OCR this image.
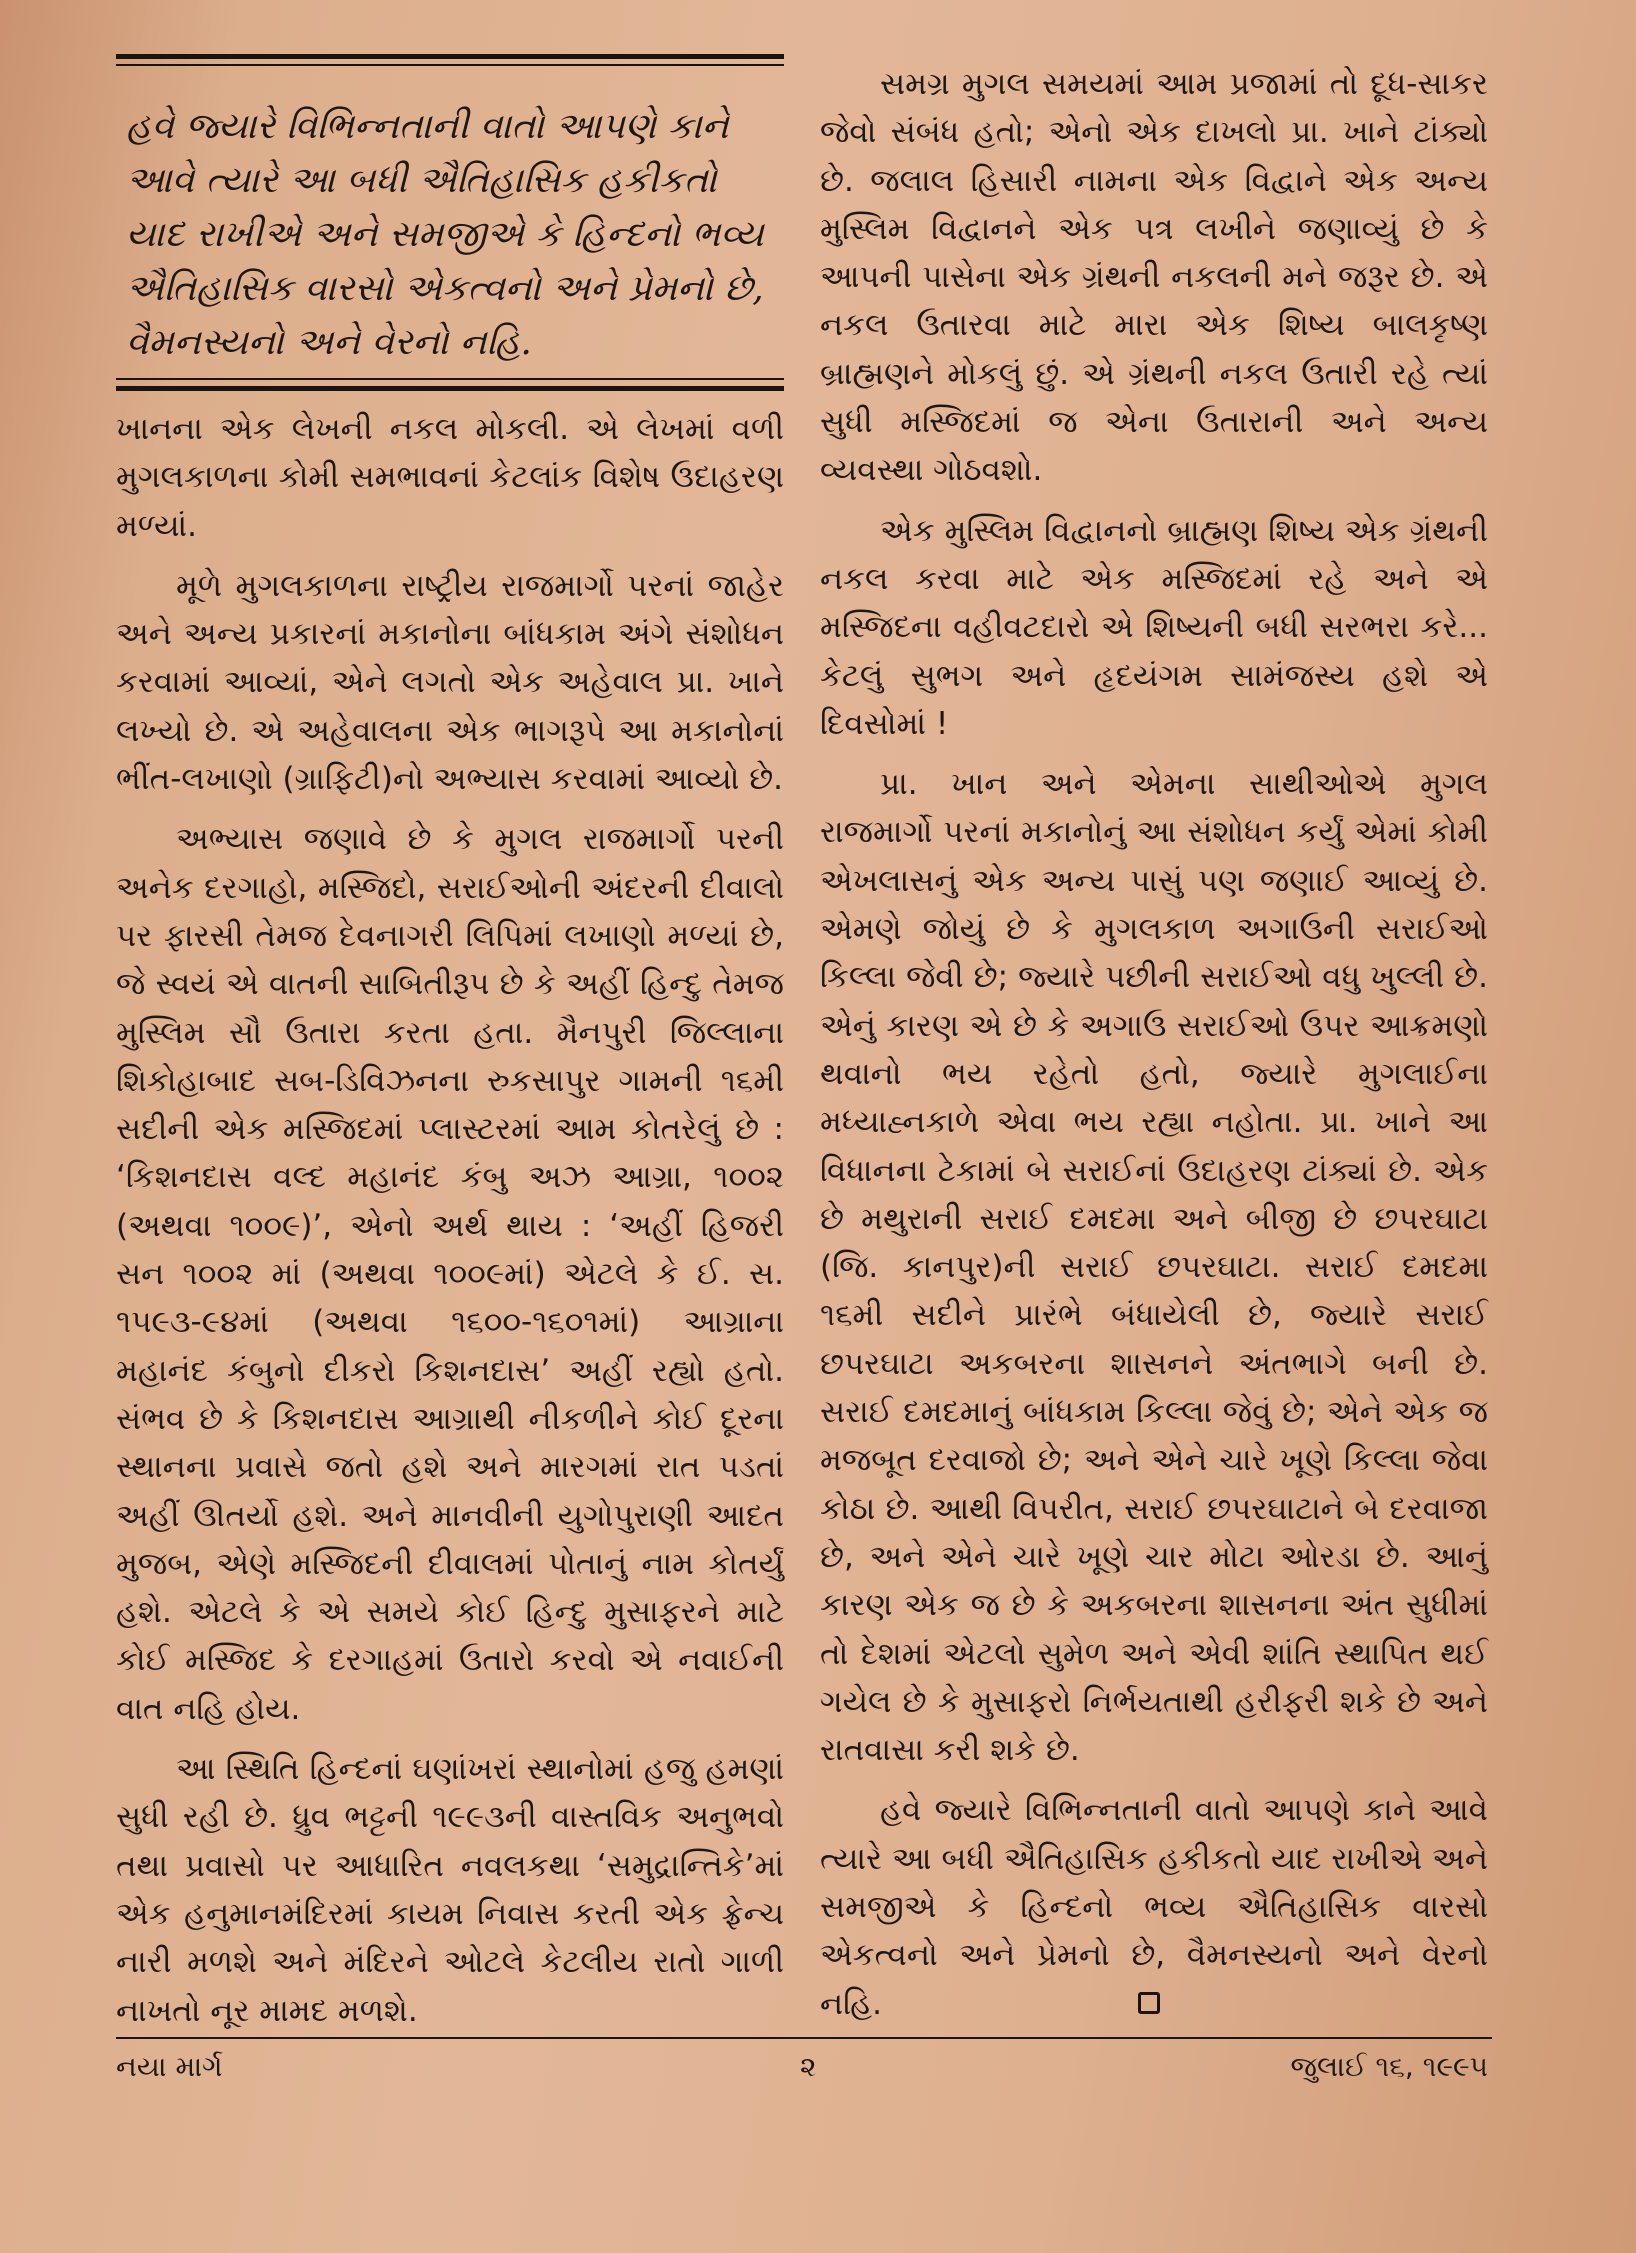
હવે જ્યારે વિભિન્નતાની વાતો આપણે કાને આવે ત્યારે આ બધી ઐતિહાસિક હકીકતો યાદ રાખીએ અને સમજીએ કે હિન્દનો ભવ્ય ઐતિહાસિક વારસો એકત્વનો અને પ્રેમનો છે, વૈમનસ્યનો અને વેરનો નહિ.

ખાનના એક લેખની નકલ મોકલી. એ લેખમાં વળી મુગલકાળના કોમી સમભાવનાં કેટલાંક વિશેષ ઉદાહરણ મળ્યાં.

મૂળે મુગલકાળના રાષ્ટ્રીય રાજમાર્ગો પરનાં જાહેર અને અન્ય પ્રકારનાં મકાનોના બાંધકામ અંગે સંશોધન કરવામાં આવ્યાં, એને લગતો એક અહેવાલ પ્રા. ખાને લખ્યો છે. એ અહેવાલના એક ભાગરૂપે આ મકાનોનાં ભીંત-લખાણો (ગ્રાફિટી)નો અભ્યાસ કરવામાં આવ્યો છે.

અભ્યાસ જણાવે છે કે મુગલ રાજમાર્ગો પરની અનેક દરગાહો, મસ્જિદો, સરાઈઓની અંદરની દીવાલો પર ફારસી તેમજ દેવનાગરી લિપિમાં લખાણો મળ્યાં છે, જે સ્વયં એ વાતની સાબિતીરૂપ છે કે અહીં હિન્દુ તેમજ મુસ્લિમ સૌ ઉતારા કરતા હતા. મૈનપુરી જિલ્લાના શિકોહાબાદ સબ-ડિવિઝનના રુકસાપુર ગામની ૧૬મી સદીની એક મસ્જિદમાં પ્લાસ્ટરમાં આમ કોતરેલું છે : ‘કિશનદાસ વલ્દ મહાનંદ કંબુ અઝ આગ્રા, ૧૦૦૨ (અથવા ૧૦૦૯)’, એનો અર્થ થાય : ‘અહીં હિજરી સન ૧૦૦૨ માં (અથવા ૧૦૦૯માં) એટલે કે ઈ. સ. ૧૫૯૩-૯૪માં (અથવા ૧૬૦૦-૧૬૦૧માં) આગ્રાના મહાનંદ કંબુનો દીકરો કિશનદાસ’ અહીં રહ્યો હતો. સંભવ છે કે કિશનદાસ આગ્રાથી નીકળીને કોઈ દૂરના સ્થાનના પ્રવાસે જતો હશે અને મારગમાં રાત પડતાં અહીં ઊતર્યો હશે. અને માનવીની યુગોપુરાણી આદત મુજબ, એણે મસ્જિદની દીવાલમાં પોતાનું નામ કોતર્યું હશે. એટલે કે એ સમયે કોઈ હિન્દુ મુસાફરને માટે કોઈ મસ્જિદ કે દરગાહમાં ઉતારો કરવો એ નવાઈની વાત નહિ હોય.

આ સ્થિતિ હિન્દનાં ઘણાંખરાં સ્થાનોમાં હજુ હમણાં સુધી રહી છે. ધ્રુવ ભટ્ટની ૧૯૯૩ની વાસ્તવિક અનુભવો તથા પ્રવાસો પર આધારિત નવલકથા ‘સમુદ્રાન્તિકે’માં એક હનુમાનમંદિરમાં કાયમ નિવાસ કરતી એક ફ્રેન્ચ નારી મળશે અને મંદિરને ઓટલે કેટલીય રાતો ગાળી નાખતો નૂર મામદ મળશે.

સમગ્ર મુગલ સમયમાં આમ પ્રજામાં તો દૂધ-સાકર જેવો સંબંધ હતો; એનો એક દાખલો પ્રા. ખાને ટાંક્યો છે. જલાલ હિસારી નામના એક વિદ્વાને એક અન્ય મુસ્લિમ વિદ્વાનને એક પત્ર લખીને જણાવ્યું છે કે આપની પાસેના એક ગ્રંથની નકલની મને જરૂર છે. એ નકલ ઉતારવા માટે મારા એક શિષ્ય બાલકૃષ્ણ બ્રાહ્મણને મોકલું છું. એ ગ્રંથની નકલ ઉતારી રહે ત્યાં સુધી મસ્જિદમાં જ એના ઉતારાની અને અન્ય વ્યવસ્થા ગોઠવશો.

એક મુસ્લિમ વિદ્વાનનો બ્રાહ્મણ શિષ્ય એક ગ્રંથની નકલ કરવા માટે એક મસ્જિદમાં રહે અને એ મસ્જિદના વહીવટદારો એ શિષ્યની બધી સરભરા કરે... કેટલું સુભગ અને હૃદયંગમ સામંજસ્ય હશે એ દિવસોમાં !

પ્રા. ખાન અને એમના સાથીઓએ મુગલ રાજમાર્ગો પરનાં મકાનોનું આ સંશોધન કર્યું એમાં કોમી એખલાસનું એક અન્ય પાસું પણ જણાઈ આવ્યું છે. એમણે જોયું છે કે મુગલકાળ અગાઉની સરાઈઓ કિલ્લા જેવી છે; જ્યારે પછીની સરાઈઓ વધુ ખુલ્લી છે. એનું કારણ એ છે કે અગાઉ સરાઈઓ ઉપર આક્રમણો થવાનો ભય રહેતો હતો, જ્યારે મુગલાઈના મધ્યાહ્નકાળે એવા ભય રહ્યા નહોતા. પ્રા. ખાને આ વિધાનના ટેકામાં બે સરાઈનાં ઉદાહરણ ટાંક્યાં છે. એક છે મથુરાની સરાઈ દમદમા અને બીજી છે છપરઘાટા (જિ. કાનપુર)ની સરાઈ છપરઘાટા. સરાઈ દમદમા ૧૬મી સદીને પ્રારંભે બંધાયેલી છે, જ્યારે સરાઈ છપરઘાટા અકબરના શાસનને અંતભાગે બની છે. સરાઈ દમદમાનું બાંધકામ કિલ્લા જેવું છે; એને એક જ મજબૂત દરવાજો છે; અને એને ચારે ખૂણે કિલ્લા જેવા કોઠા છે. આથી વિપરીત, સરાઈ છપરઘાટાને બે દરવાજા છે, અને એને ચારે ખૂણે ચાર મોટા ઓરડા છે. આનું કારણ એક જ છે કે અકબરના શાસનના અંત સુધીમાં તો દેશમાં એટલો સુમેળ અને એવી શાંતિ સ્થાપિત થઈ ગયેલ છે કે મુસાફરો નિર્ભયતાથી હરીફરી શકે છે અને રાતવાસા કરી શકે છે.

હવે જ્યારે વિભિન્નતાની વાતો આપણે કાને આવે ત્યારે આ બધી ઐતિહાસિક હકીકતો યાદ રાખીએ અને સમજીએ કે હિન્દનો ભવ્ય ઐતિહાસિક વારસો એકત્વનો અને પ્રેમનો છે, વૈમનસ્યનો અને વેરનો નહિ.

નયા માર્ગ	૨	જુલાઈ ૧૬, ૧૯૯૫
